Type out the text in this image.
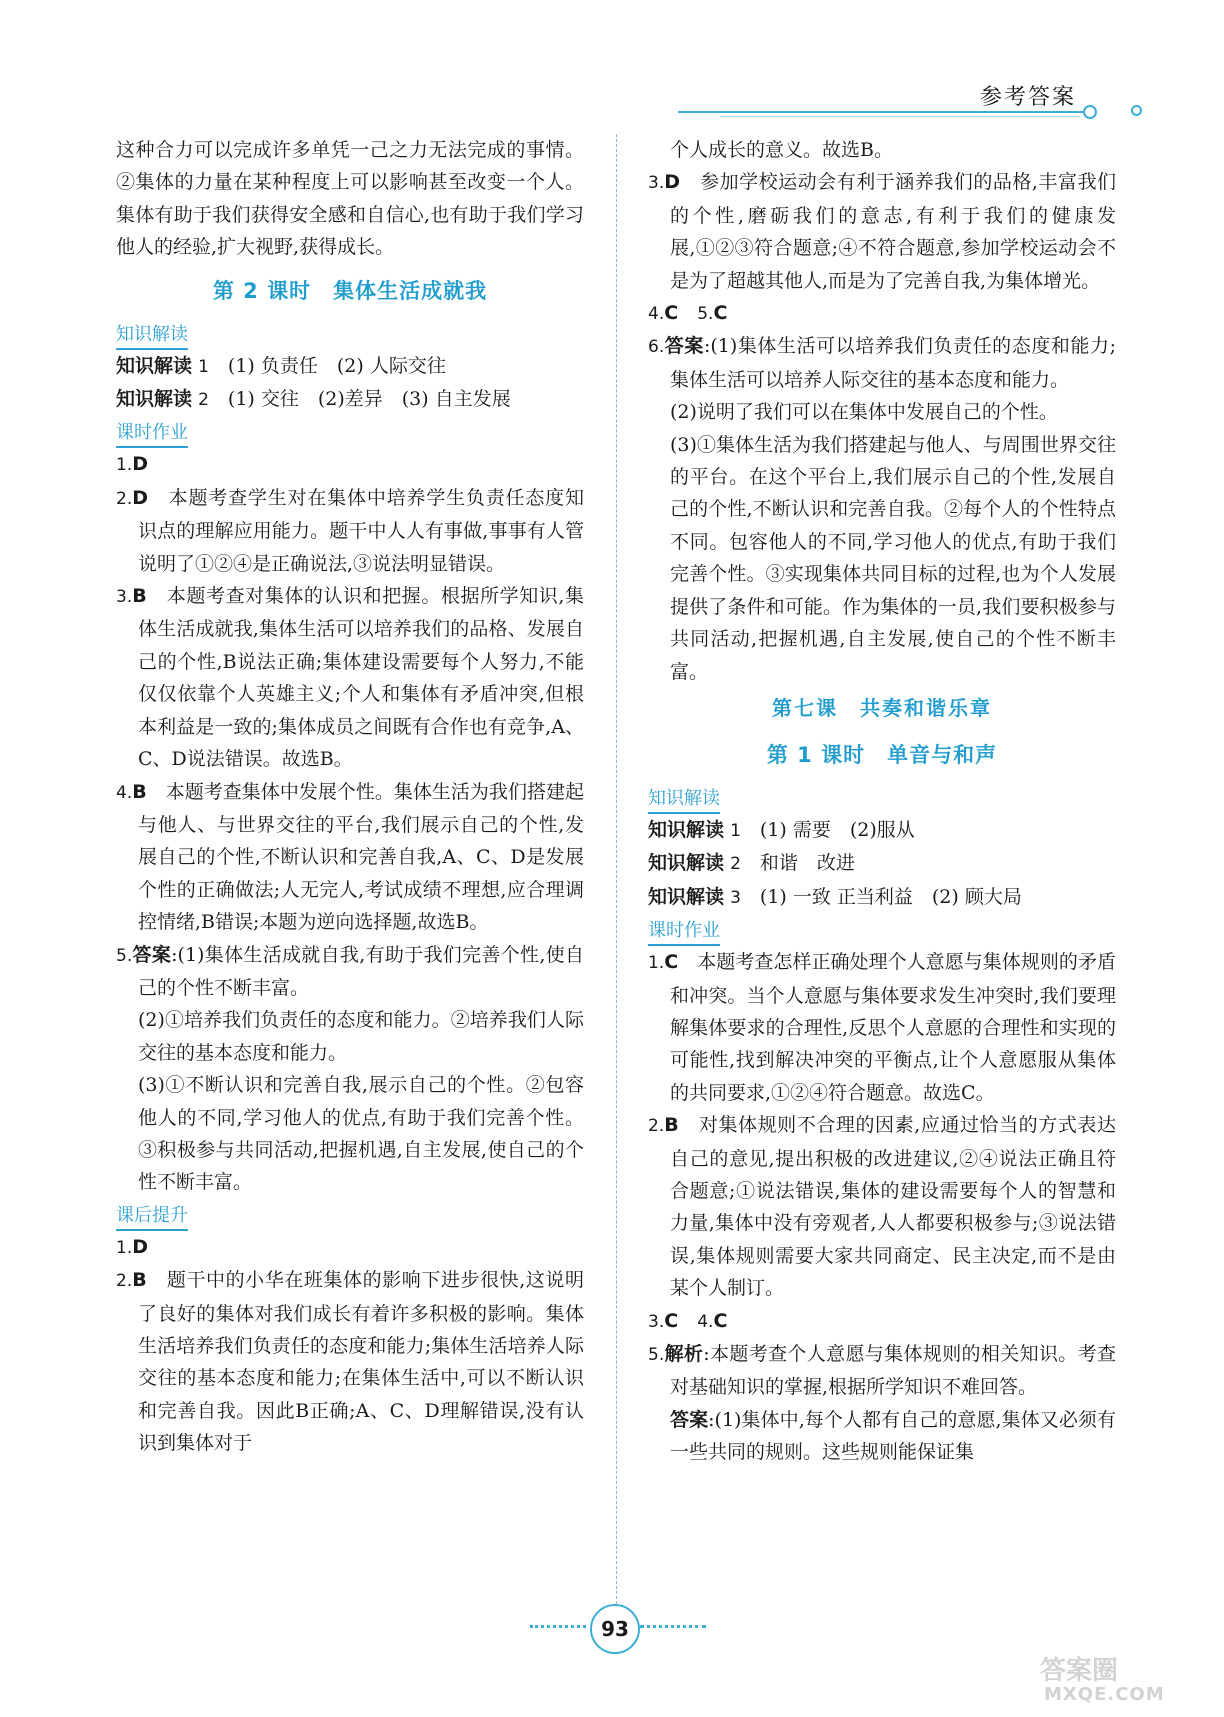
参考答案

这种合力可以完成许多单凭一己之力无法完成的事情。②集体的力量在某种程度上可以影响甚至改变一个人。集体有助于我们获得安全感和自信心,也有助于我们学习他人的经验,扩大视野,获得成长。

第 2 课时　集体生活成就我
知识解读
知识解读 1　 (1) 负责任　(2) 人际交往
知识解读 2　 (1) 交往　(2)差异　(3) 自主发展
课时作业
1.D
2.D　 本题考查学生对在集体中培养学生负责任态度知识点的理解应用能力。题干中人人有事做,事事有人管说明了①②④是正确说法,③说法明显错误。
3.B　 本题考查对集体的认识和把握。根据所学知识,集体生活成就我,集体生活可以培养我们的品格、发展自己的个性,B说法正确;集体建设需要每个人努力,不能仅仅依靠个人英雄主义;个人和集体有矛盾冲突,但根本利益是一致的;集体成员之间既有合作也有竞争,A、C、D说法错误。故选B。
4.B　 本题考查集体中发展个性。集体生活为我们搭建起与他人、与世界交往的平台,我们展示自己的个性,发展自己的个性,不断认识和完善自我,A、C、D是发展个性的正确做法;人无完人,考试成绩不理想,应合理调控情绪,B错误;本题为逆向选择题,故选B。
5.答案:(1)集体生活成就自我,有助于我们完善个性,使自己的个性不断丰富。
(2)①培养我们负责任的态度和能力。②培养我们人际交往的基本态度和能力。
(3)①不断认识和完善自我,展示自己的个性。②包容他人的不同,学习他人的优点,有助于我们完善个性。③积极参与共同活动,把握机遇,自主发展,使自己的个性不断丰富。
课后提升
1.D
2.B　 题干中的小华在班集体的影响下进步很快,这说明了良好的集体对我们成长有着许多积极的影响。集体生活培养我们负责任的态度和能力;集体生活培养人际交往的基本态度和能力;在集体生活中,可以不断认识和完善自我。因此B正确;A、C、D理解错误,没有认识到集体对于
个人成长的意义。故选B。
3.D　 参加学校运动会有利于涵养我们的品格,丰富我们的个性,磨砺我们的意志,有利于我们的健康发展,①②③符合题意;④不符合题意,参加学校运动会不是为了超越其他人,而是为了完善自我,为集体增光。
4.C　 5.C
6.答案:(1)集体生活可以培养我们负责任的态度和能力;集体生活可以培养人际交往的基本态度和能力。
(2)说明了我们可以在集体中发展自己的个性。
(3)①集体生活为我们搭建起与他人、与周围世界交往的平台。在这个平台上,我们展示自己的个性,发展自己的个性,不断认识和完善自我。②每个人的个性特点不同。包容他人的不同,学习他人的优点,有助于我们完善个性。③实现集体共同目标的过程,也为个人发展提供了条件和可能。作为集体的一员,我们要积极参与共同活动,把握机遇,自主发展,使自己的个性不断丰富。
第七课　共奏和谐乐章
第 1 课时　单音与和声
知识解读
知识解读 1　 (1) 需要　(2)服从
知识解读 2　 和谐　改进
知识解读 3　 (1) 一致 正当利益　(2) 顾大局
课时作业
1.C　 本题考查怎样正确处理个人意愿与集体规则的矛盾和冲突。当个人意愿与集体要求发生冲突时,我们要理解集体要求的合理性,反思个人意愿的合理性和实现的可能性,找到解决冲突的平衡点,让个人意愿服从集体的共同要求,①②④符合题意。故选C。
2.B　 对集体规则不合理的因素,应通过恰当的方式表达自己的意见,提出积极的改进建议,②④说法正确且符合题意;①说法错误,集体的建设需要每个人的智慧和力量,集体中没有旁观者,人人都要积极参与;③说法错误,集体规则需要大家共同商定、民主决定,而不是由某个人制订。
3.C　 4.C
5.解析:本题考查个人意愿与集体规则的相关知识。考查对基础知识的掌握,根据所学知识不难回答。
答案:(1)集体中,每个人都有自己的意愿,集体又必须有一些共同的规则。这些规则能保证集
93
答案圈
MXQE.COM
